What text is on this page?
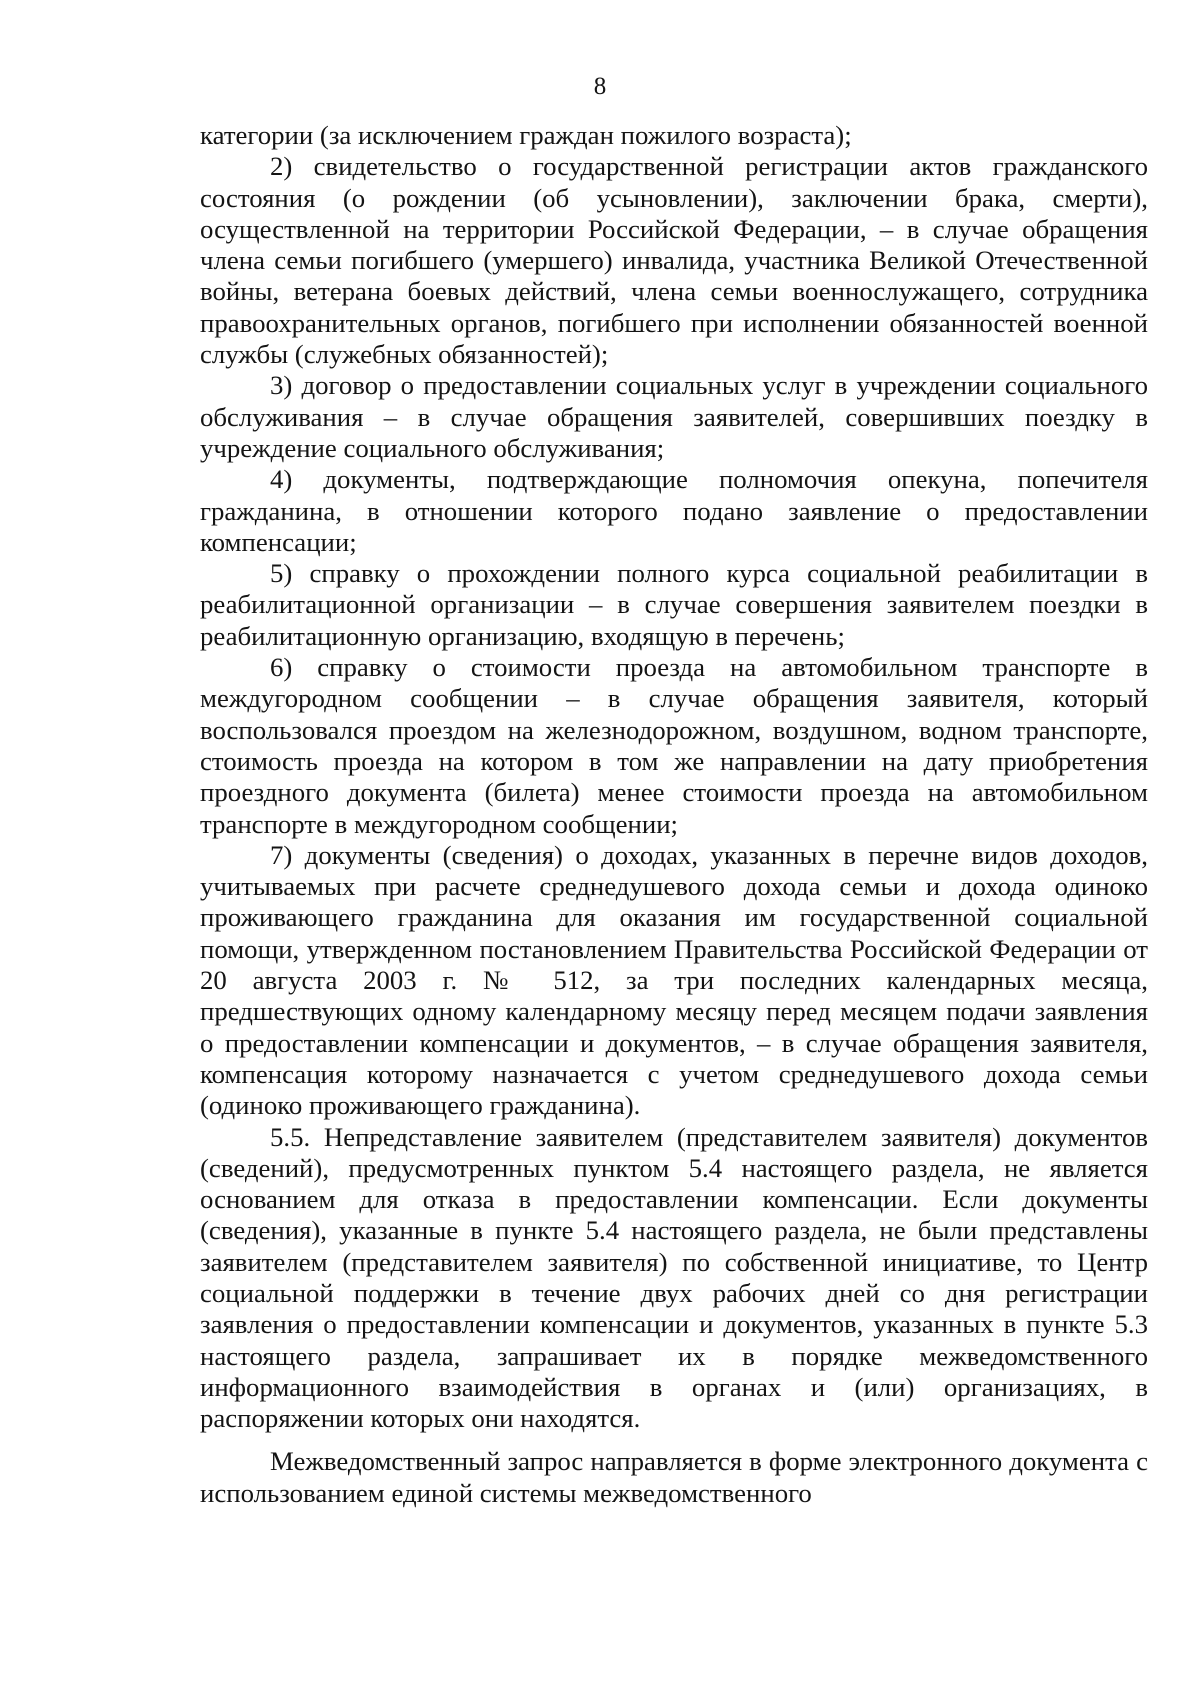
8

категории (за исключением граждан пожилого возраста);

2) свидетельство о государственной регистрации актов гражданского состояния (о рождении (об усыновлении), заключении брака, смерти), осуществленной на территории Российской Федерации, – в случае обращения члена семьи погибшего (умершего) инвалида, участника Великой Отечественной войны, ветерана боевых действий, члена семьи военнослужащего, сотрудника правоохранительных органов, погибшего при исполнении обязанностей военной службы (служебных обязанностей);

3) договор о предоставлении социальных услуг в учреждении социального обслуживания – в случае обращения заявителей, совершивших поездку в учреждение социального обслуживания;

4) документы, подтверждающие полномочия опекуна, попечителя гражданина, в отношении которого подано заявление о предоставлении компенсации;

5) справку о прохождении полного курса социальной реабилитации в реабилитационной организации – в случае совершения заявителем поездки в реабилитационную организацию, входящую в перечень;

6) справку о стоимости проезда на автомобильном транспорте в междугородном сообщении – в случае обращения заявителя, который воспользовался проездом на железнодорожном, воздушном, водном транспорте, стоимость проезда на котором в том же направлении на дату приобретения проездного документа (билета) менее стоимости проезда на автомобильном транспорте в междугородном сообщении;

7) документы (сведения) о доходах, указанных в перечне видов доходов, учитываемых при расчете среднедушевого дохода семьи и дохода одиноко проживающего гражданина для оказания им государственной социальной помощи, утвержденном постановлением Правительства Российской Федерации от 20 августа 2003 г. № 512, за три последних календарных месяца, предшествующих одному календарному месяцу перед месяцем подачи заявления о предоставлении компенсации и документов, – в случае обращения заявителя, компенсация которому назначается с учетом среднедушевого дохода семьи (одиноко проживающего гражданина).

5.5. Непредставление заявителем (представителем заявителя) документов (сведений), предусмотренных пунктом 5.4 настоящего раздела, не является основанием для отказа в предоставлении компенсации. Если документы (сведения), указанные в пункте 5.4 настоящего раздела, не были представлены заявителем (представителем заявителя) по собственной инициативе, то Центр социальной поддержки в течение двух рабочих дней со дня регистрации заявления о предоставлении компенсации и документов, указанных в пункте 5.3 настоящего раздела, запрашивает их в порядке межведомственного информационного взаимодействия в органах и (или) организациях, в распоряжении которых они находятся.

Межведомственный запрос направляется в форме электронного документа с использованием единой системы межведомственного
